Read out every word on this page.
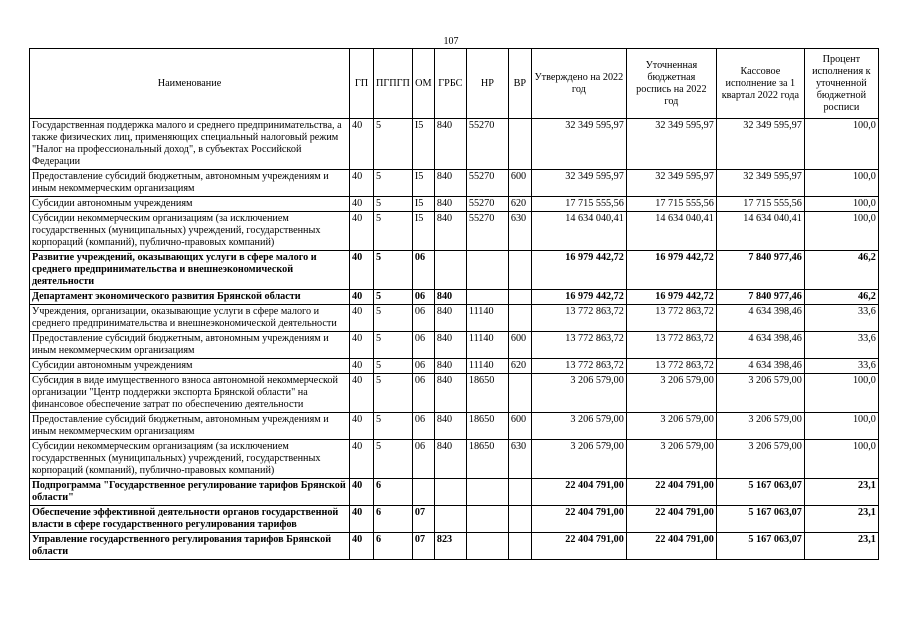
107
Наименование	ГП	ПГПГП	ОМ	ГРБС	НР	ВР	Утверждено на 2022 год	Уточненная бюджетная роспись на 2022 год	Кассовое исполнение за 1 квартал 2022 года	Процент исполнения к уточненной бюджетной росписи
Государственная поддержка малого и среднего предпринимательства, а также физических лиц, применяющих специальный налоговый режим "Налог на профессиональный доход", в субъектах Российской Федерации	40	5	I5	840	55270		32 349 595,97	32 349 595,97	32 349 595,97	100,0
Предоставление субсидий бюджетным, автономным учреждениям и иным некоммерческим организациям	40	5	I5	840	55270	600	32 349 595,97	32 349 595,97	32 349 595,97	100,0
Субсидии автономным учреждениям	40	5	I5	840	55270	620	17 715 555,56	17 715 555,56	17 715 555,56	100,0
Субсидии некоммерческим организациям (за исключением государственных (муниципальных) учреждений, государственных корпораций (компаний), публично-правовых компаний)	40	5	I5	840	55270	630	14 634 040,41	14 634 040,41	14 634 040,41	100,0
Развитие учреждений, оказывающих услуги в сфере малого и среднего предпринимательства и внешнеэкономической деятельности	40	5	06				16 979 442,72	16 979 442,72	7 840 977,46	46,2
Департамент экономического развития Брянской области	40	5	06	840			16 979 442,72	16 979 442,72	7 840 977,46	46,2
Учреждения, организации, оказывающие услуги в сфере малого и среднего предпринимательства и внешнеэкономической деятельности	40	5	06	840	11140		13 772 863,72	13 772 863,72	4 634 398,46	33,6
Предоставление субсидий бюджетным, автономным учреждениям и иным некоммерческим организациям	40	5	06	840	11140	600	13 772 863,72	13 772 863,72	4 634 398,46	33,6
Субсидии автономным учреждениям	40	5	06	840	11140	620	13 772 863,72	13 772 863,72	4 634 398,46	33,6
Субсидия в виде имущественного взноса автономной некоммерческой организации "Центр поддержки экспорта Брянской области" на финансовое обеспечение затрат по обеспечению деятельности	40	5	06	840	18650		3 206 579,00	3 206 579,00	3 206 579,00	100,0
Предоставление субсидий бюджетным, автономным учреждениям и иным некоммерческим организациям	40	5	06	840	18650	600	3 206 579,00	3 206 579,00	3 206 579,00	100,0
Субсидии некоммерческим организациям (за исключением государственных (муниципальных) учреждений, государственных корпораций (компаний), публично-правовых компаний)	40	5	06	840	18650	630	3 206 579,00	3 206 579,00	3 206 579,00	100,0
Подпрограмма "Государственное регулирование тарифов Брянской области"	40	6					22 404 791,00	22 404 791,00	5 167 063,07	23,1
Обеспечение эффективной деятельности органов государственной власти в сфере государственного регулирования тарифов	40	6	07				22 404 791,00	22 404 791,00	5 167 063,07	23,1
Управление государственного регулирования тарифов Брянской области	40	6	07	823			22 404 791,00	22 404 791,00	5 167 063,07	23,1
